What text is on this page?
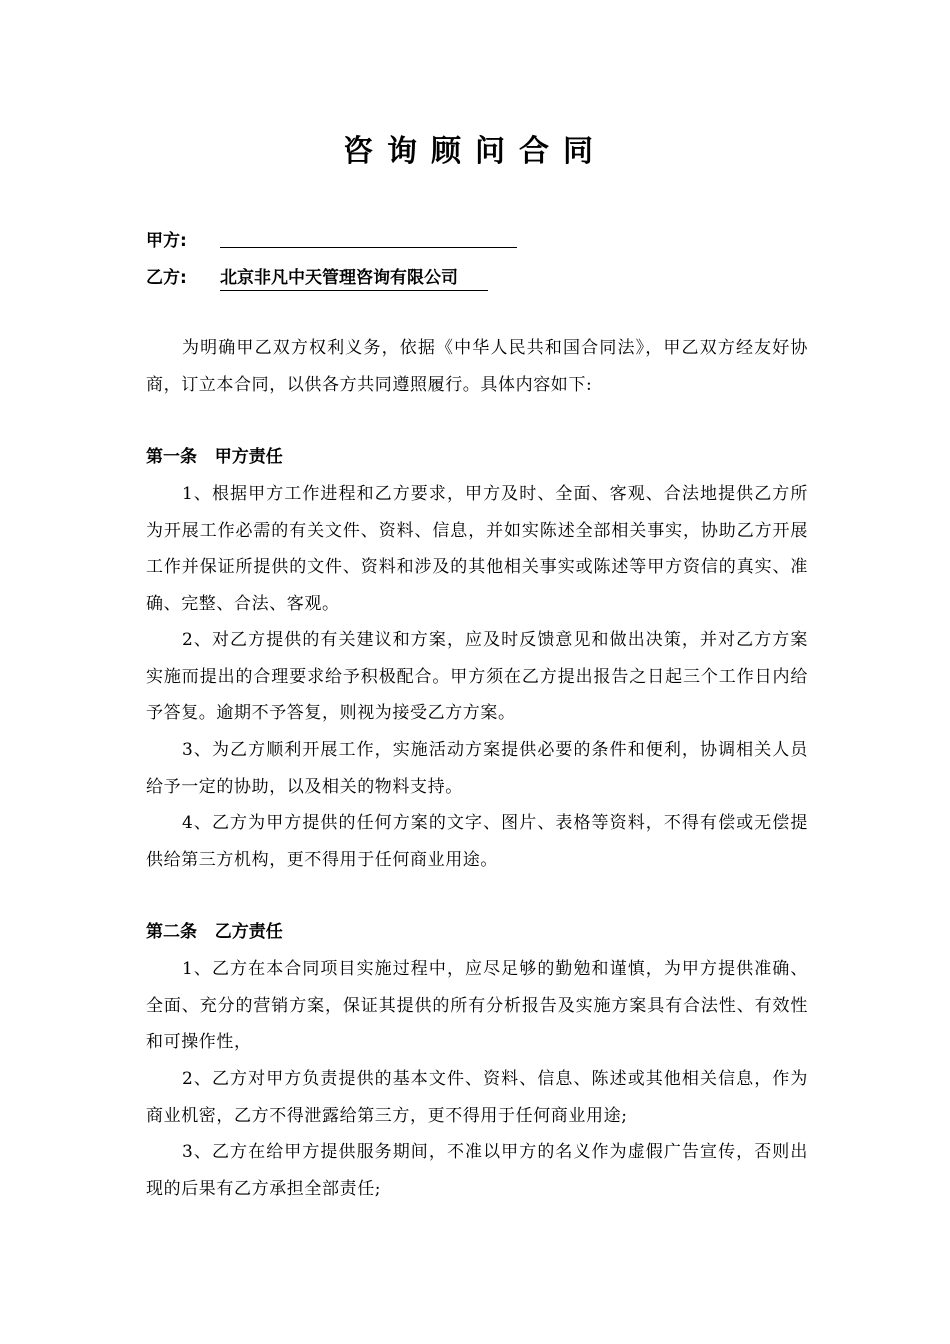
咨询顾问合同
甲方:
乙方: 北京非凡中天管理咨询有限公司
为明确甲乙双方权利义务，依据《中华人民共和国合同法》，甲乙双方经友好协商，订立本合同，以供各方共同遵照履行。具体内容如下:
第一条 甲方责任
1、根据甲方工作进程和乙方要求，甲方及时、全面、客观、合法地提供乙方所为开展工作必需的有关文件、资料、信息，并如实陈述全部相关事实，协助乙方开展工作并保证所提供的文件、资料和涉及的其他相关事实或陈述等甲方资信的真实、准确、完整、合法、客观。
2、对乙方提供的有关建议和方案，应及时反馈意见和做出决策，并对乙方方案实施而提出的合理要求给予积极配合。甲方须在乙方提出报告之日起三个工作日内给予答复。逾期不予答复，则视为接受乙方方案。
3、为乙方顺利开展工作，实施活动方案提供必要的条件和便利，协调相关人员给予一定的协助，以及相关的物料支持。
4、乙方为甲方提供的任何方案的文字、图片、表格等资料，不得有偿或无偿提供给第三方机构，更不得用于任何商业用途。
第二条 乙方责任
1、乙方在本合同项目实施过程中，应尽足够的勤勉和谨慎，为甲方提供准确、全面、充分的营销方案，保证其提供的所有分析报告及实施方案具有合法性、有效性和可操作性，
2、乙方对甲方负责提供的基本文件、资料、信息、陈述或其他相关信息，作为商业机密，乙方不得泄露给第三方，更不得用于任何商业用途;
3、乙方在给甲方提供服务期间，不准以甲方的名义作为虚假广告宣传，否则出现的后果有乙方承担全部责任;
